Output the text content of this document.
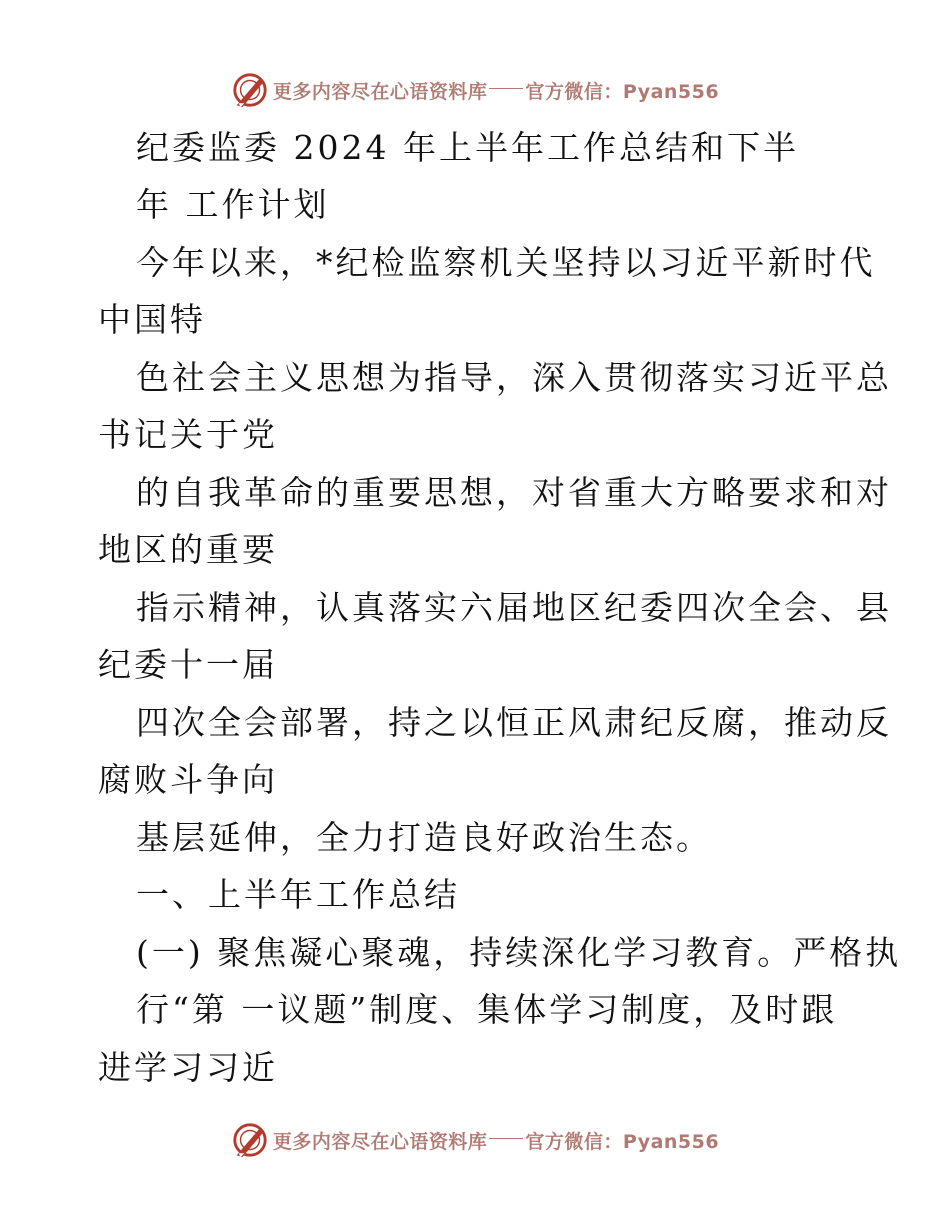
更多内容尽在心语资料库 官方微信：Pyan556
纪委监委 2024 年上半年工作总结和下半
年 工作计划
今年以来，*纪检监察机关坚持以习近平新时代
中国特
色社会主义思想为指导，深入贯彻落实习近平总
书记关于党
的自我革命的重要思想，对省重大方略要求和对
地区的重要
指示精神，认真落实六届地区纪委四次全会、县
纪委十一届
四次全会部署，持之以恒正风肃纪反腐，推动反
腐败斗争向
基层延伸，全力打造良好政治生态。
一、上半年工作总结
(一) 聚焦凝心聚魂，持续深化学习教育。严格执
行“第 一议题”制度、集体学习制度，及时跟
进学习习近
更多内容尽在心语资料库 官方微信：Pyan556
